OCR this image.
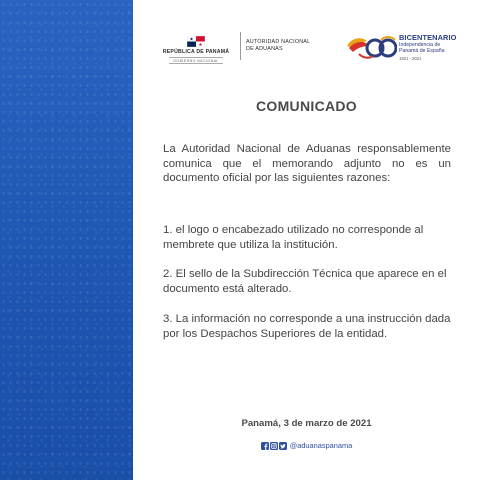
REPÚBLICA DE PANAMÁ
GOBIERNO NACIONAL
AUTORIDAD NACIONAL
DE ADUANAS
BICENTENARIO
Independencia de
Panamá de España
1821 - 2021
COMUNICADO

La Autoridad Nacional de Aduanas responsablemente comunica que el memorando adjunto no es un documento oficial por las siguientes razones:

1. el logo o encabezado utilizado no corresponde al membrete que utiliza la institución.

2. El sello de la Subdirección Técnica que aparece en el documento está alterado.

3. La información no corresponde a una instrucción dada por los Despachos Superiores de la entidad.

Panamá, 3 de marzo de 2021
@aduanaspanama
